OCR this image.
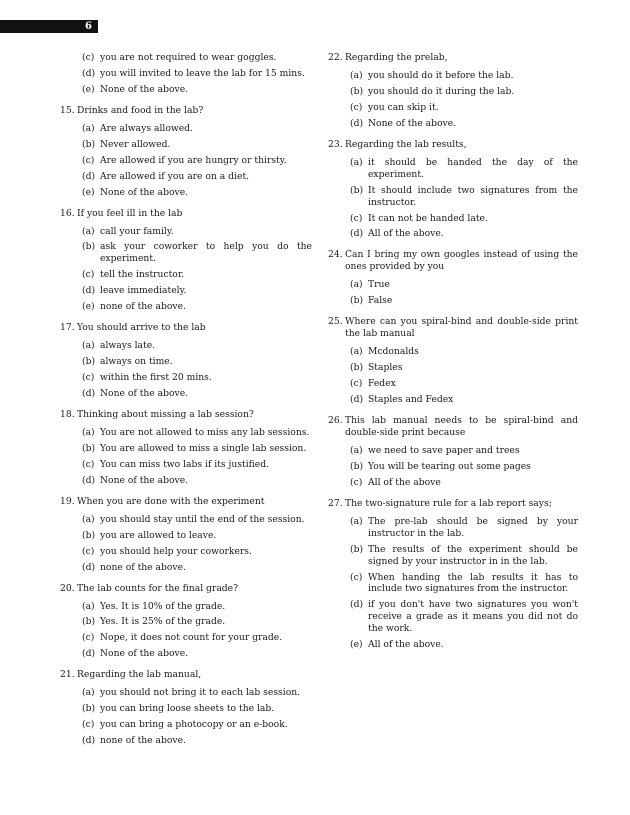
6
(c) you are not required to wear goggles.
(d) you will invited to leave the lab for 15 mins.
(e) None of the above.
15. Drinks and food in the lab?
(a) Are always allowed.
(b) Never allowed.
(c) Are allowed if you are hungry or thirsty.
(d) Are allowed if you are on a diet.
(e) None of the above.
16. If you feel ill in the lab
(a) call your family.
(b) ask your coworker to help you do the experiment.
(c) tell the instructor.
(d) leave immediately.
(e) none of the above.
17. You should arrive to the lab
(a) always late.
(b) always on time.
(c) within the first 20 mins.
(d) None of the above.
18. Thinking about missing a lab session?
(a) You are not allowed to miss any lab sessions.
(b) You are allowed to miss a single lab session.
(c) You can miss two labs if its justified.
(d) None of the above.
19. When you are done with the experiment
(a) you should stay until the end of the session.
(b) you are allowed to leave.
(c) you should help your coworkers.
(d) none of the above.
20. The lab counts for the final grade?
(a) Yes. It is 10% of the grade.
(b) Yes. It is 25% of the grade.
(c) Nope, it does not count for your grade.
(d) None of the above.
21. Regarding the lab manual,
(a) you should not bring it to each lab session.
(b) you can bring loose sheets to the lab.
(c) you can bring a photocopy or an e-book.
(d) none of the above.
22. Regarding the prelab,
(a) you should do it before the lab.
(b) you should do it during the lab.
(c) you can skip it.
(d) None of the above.
23. Regarding the lab results,
(a) it should be handed the day of the experiment.
(b) It should include two signatures from the instructor.
(c) It can not be handed late.
(d) All of the above.
24. Can I bring my own googles instead of using the ones provided by you
(a) True
(b) False
25. Where can you spiral-bind and double-side print the lab manual
(a) Mcdonalds
(b) Staples
(c) Fedex
(d) Staples and Fedex
26. This lab manual needs to be spiral-bind and double-side print because
(a) we need to save paper and trees
(b) You will be tearing out some pages
(c) All of the above
27. The two-signature rule for a lab report says;
(a) The pre-lab should be signed by your instructor in the lab.
(b) The results of the experiment should be signed by your instructor in in the lab.
(c) When handing the lab results it has to include two signatures from the instructor.
(d) if you don't have two signatures you won't receive a grade as it means you did not do the work.
(e) All of the above.
